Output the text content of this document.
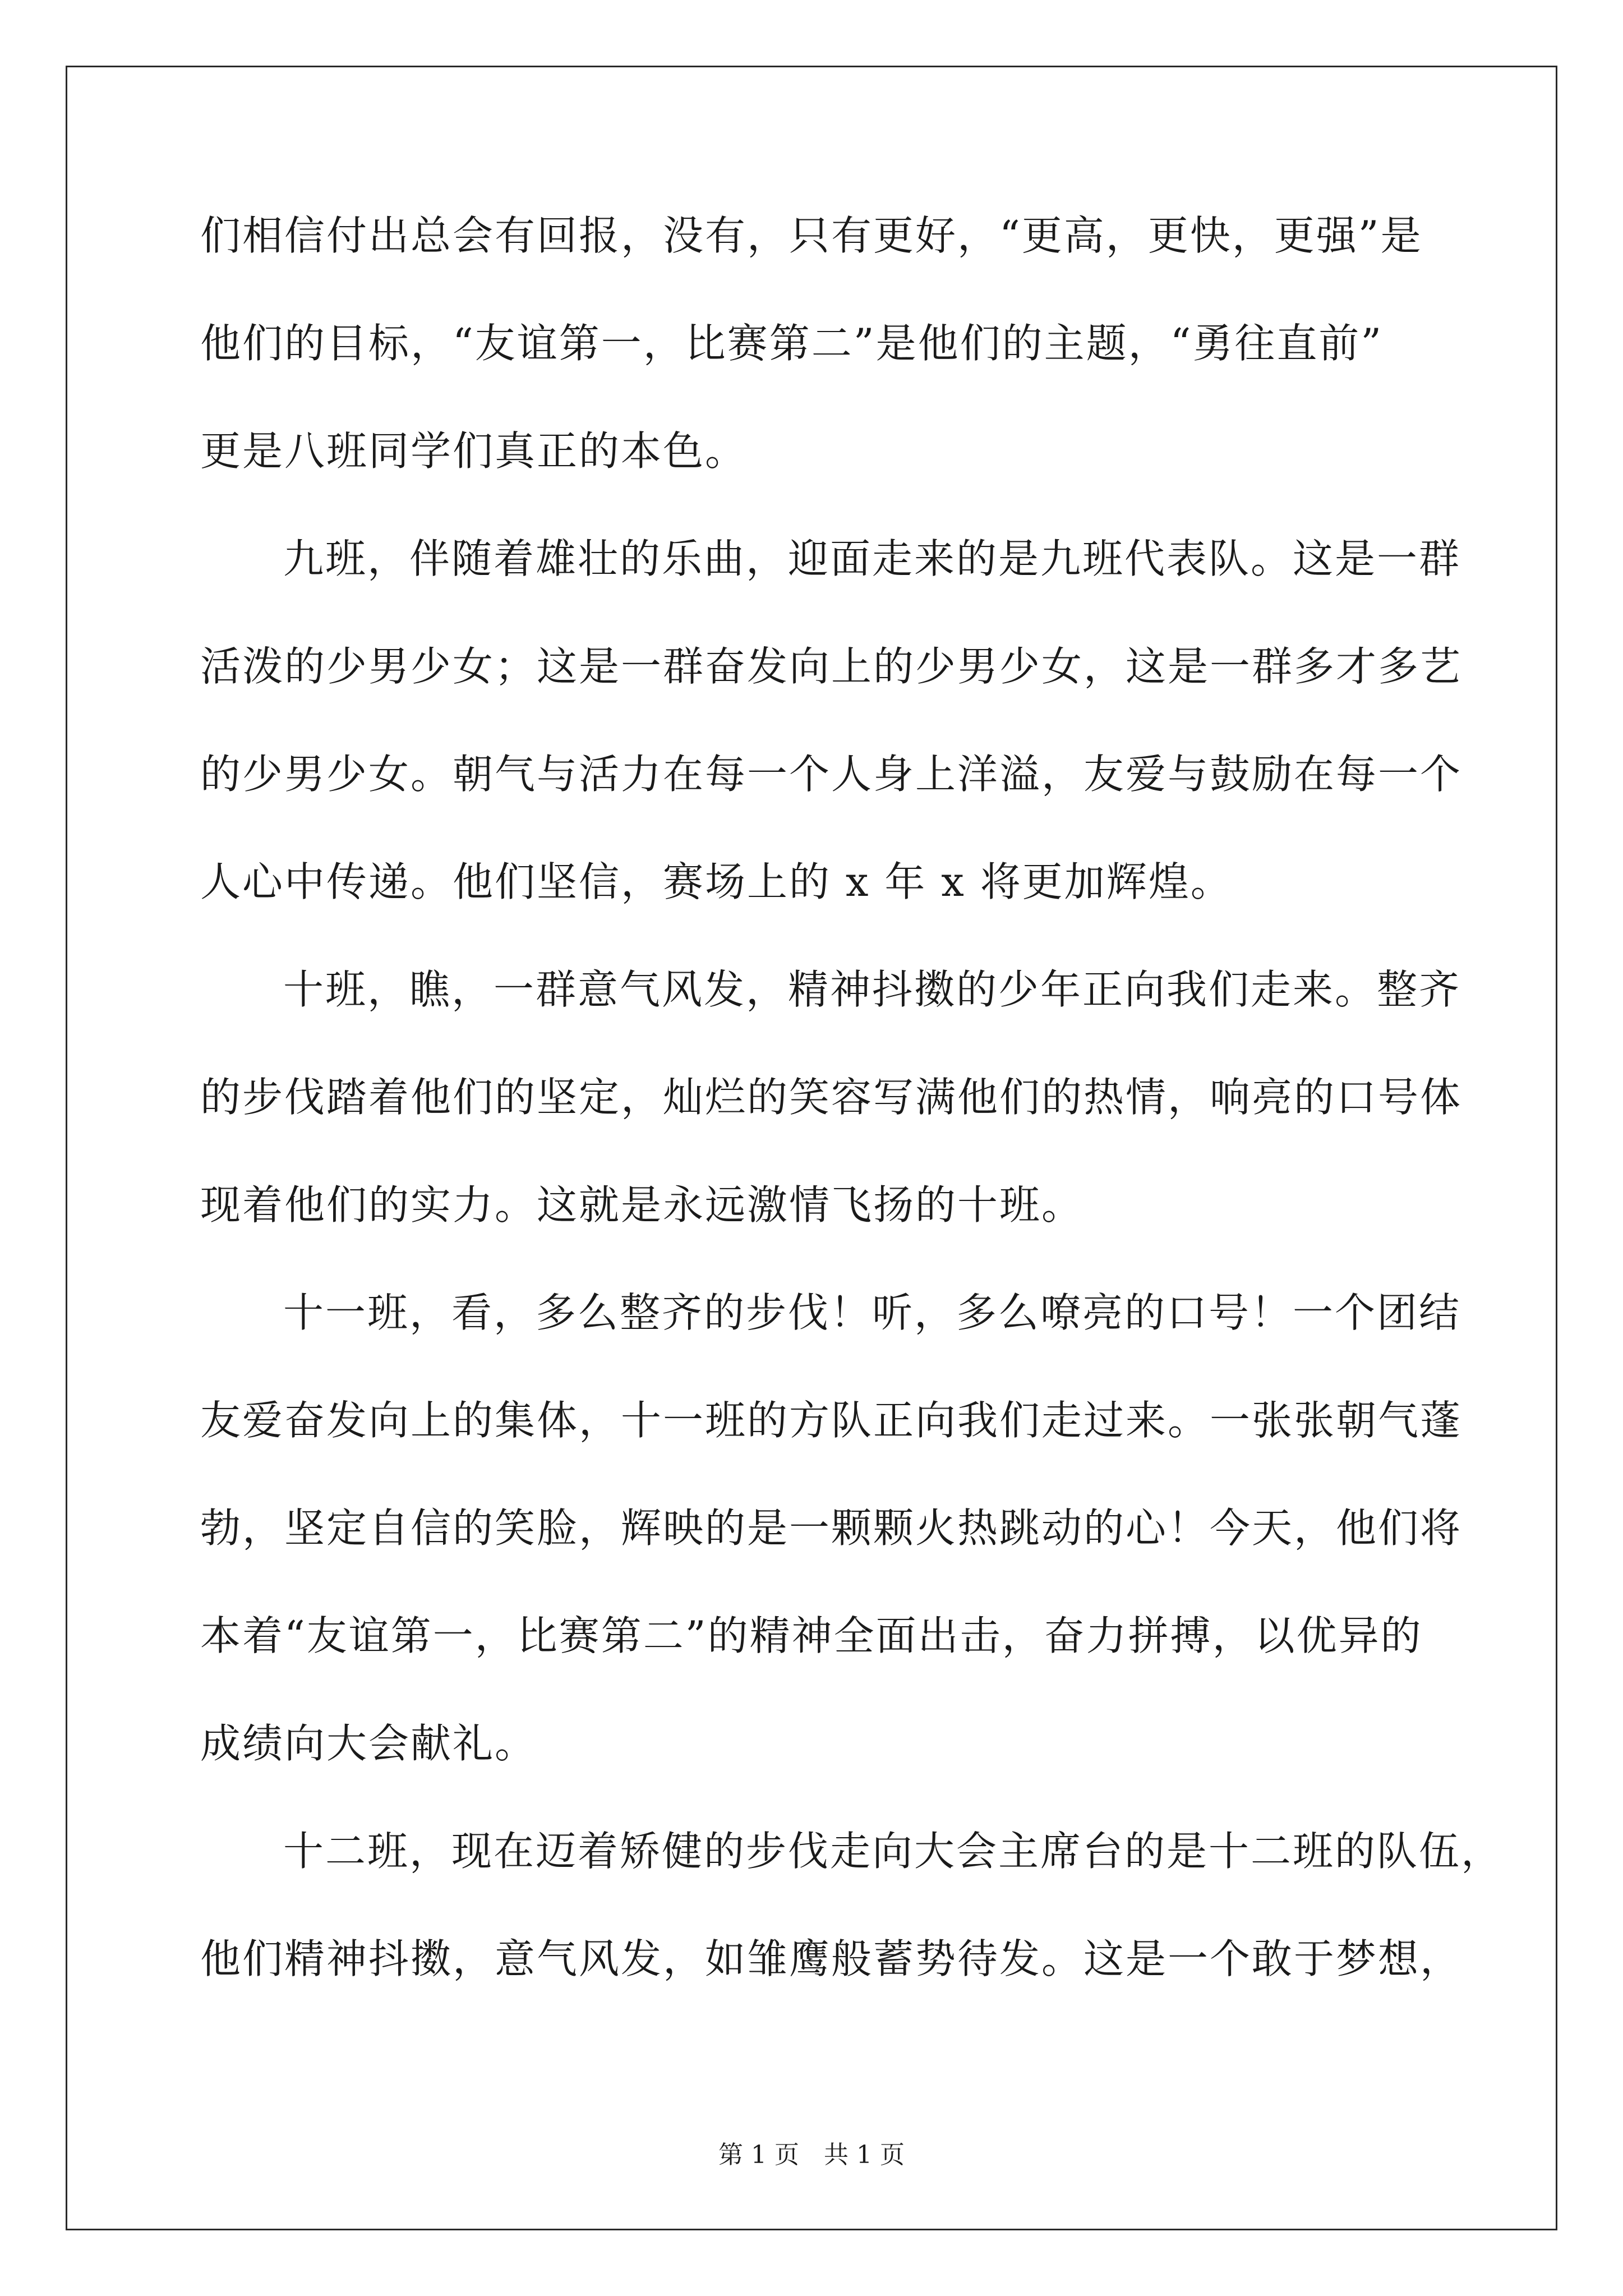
们相信付出总会有回报，没有，只有更好，“更高，更快，更强”是
他们的目标，“友谊第一，比赛第二”是他们的主题，“勇往直前”
更是八班同学们真正的本色。
九班，伴随着雄壮的乐曲，迎面走来的是九班代表队。这是一群
活泼的少男少女；这是一群奋发向上的少男少女，这是一群多才多艺
的少男少女。朝气与活力在每一个人身上洋溢，友爱与鼓励在每一个
人心中传递。他们坚信，赛场上的 x 年 x 将更加辉煌。
十班，瞧，一群意气风发，精神抖擞的少年正向我们走来。整齐
的步伐踏着他们的坚定，灿烂的笑容写满他们的热情，响亮的口号体
现着他们的实力。这就是永远激情飞扬的十班。
十一班，看，多么整齐的步伐！听，多么嘹亮的口号！一个团结
友爱奋发向上的集体，十一班的方队正向我们走过来。一张张朝气蓬
勃，坚定自信的笑脸，辉映的是一颗颗火热跳动的心！今天，他们将
本着“友谊第一，比赛第二”的精神全面出击，奋力拼搏，以优异的
成绩向大会献礼。
十二班，现在迈着矫健的步伐走向大会主席台的是十二班的队伍，
他们精神抖擞，意气风发，如雏鹰般蓄势待发。这是一个敢于梦想，
第 1 页　共 1 页
